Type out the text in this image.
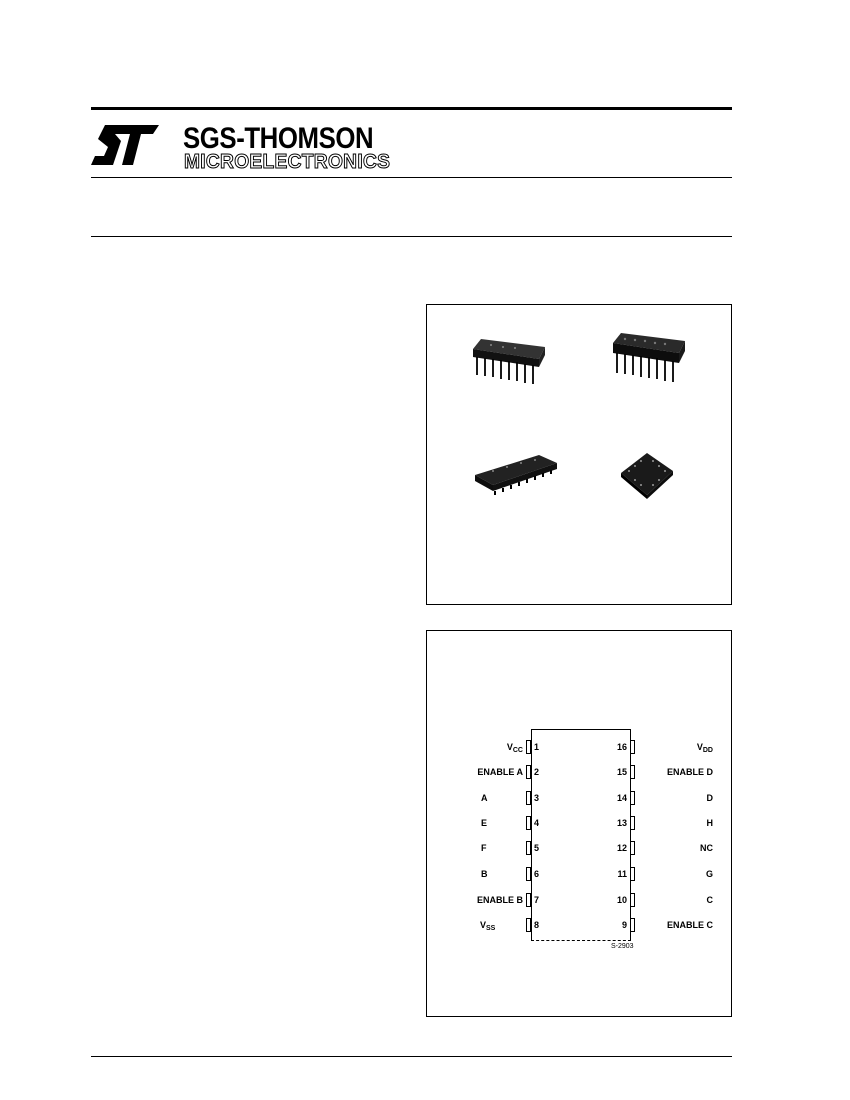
SGS-THOMSON
MICROELECTRONICS
$V_{CC}$ 1
ENABLE A 2
A	3
E	4
F	5
B	6
ENABLE B 7
$V_{SS}$	8
16	$V_{DD}$
15	ENABLE D
14	D
13	H
12	NC
11	G
10	C
9	ENABLE C
S-2903
